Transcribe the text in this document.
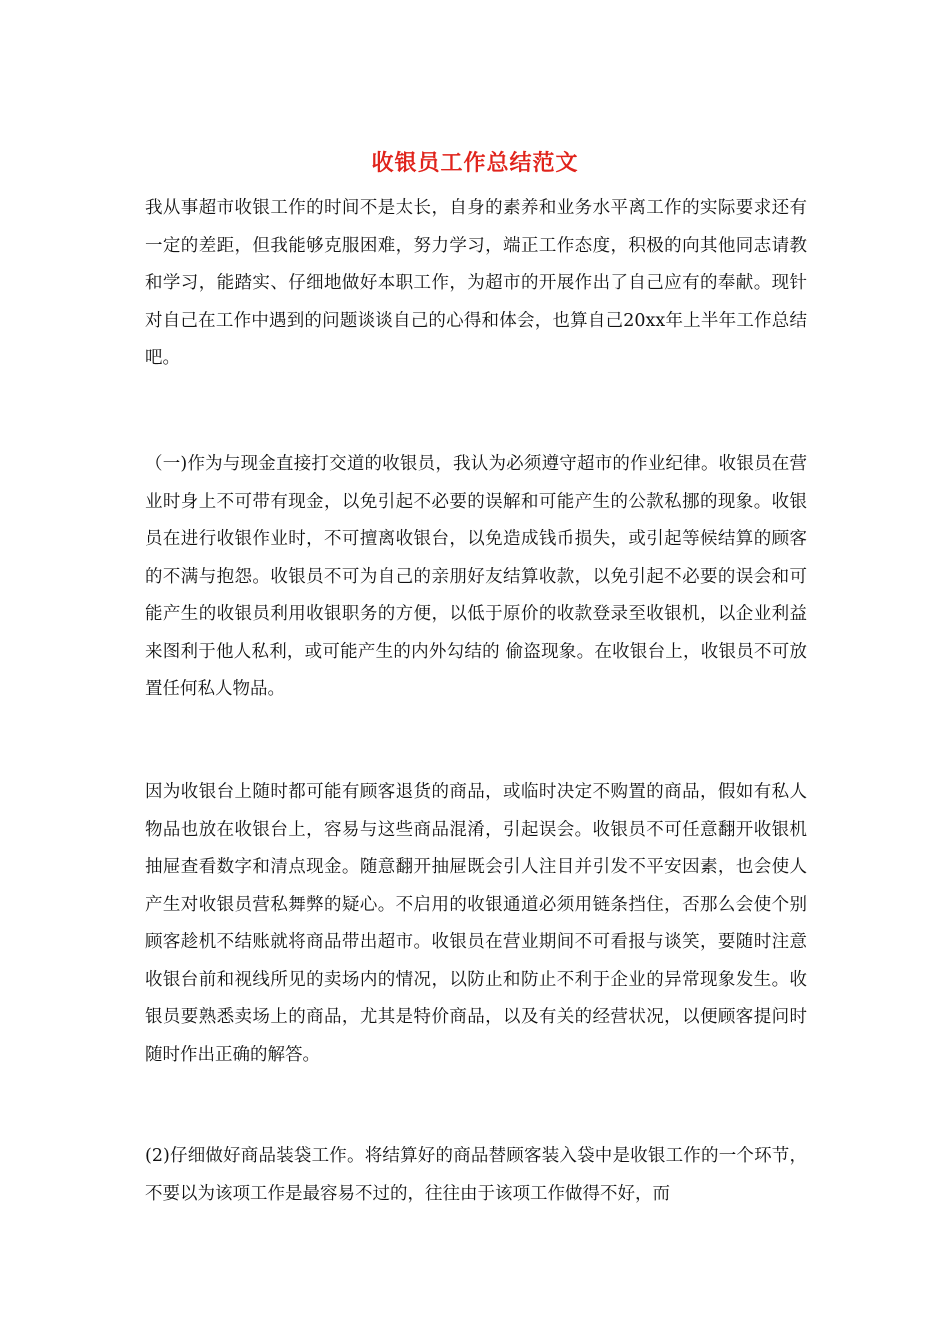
收银员工作总结范文

我从事超市收银工作的时间不是太长，自身的素养和业务水平离工作的实际要求还有一定的差距，但我能够克服困难，努力学习，端正工作态度，积极的向其他同志请教和学习，能踏实、仔细地做好本职工作，为超市的开展作出了自己应有的奉献。现针对自己在工作中遇到的问题谈谈自己的心得和体会，也算自己20xx年上半年工作总结吧。

（一)作为与现金直接打交道的收银员，我认为必须遵守超市的作业纪律。收银员在营业时身上不可带有现金，以免引起不必要的误解和可能产生的公款私挪的现象。收银员在进行收银作业时，不可擅离收银台，以免造成钱币损失，或引起等候结算的顾客的不满与抱怨。收银员不可为自己的亲朋好友结算收款，以免引起不必要的误会和可能产生的收银员利用收银职务的方便，以低于原价的收款登录至收银机，以企业利益来图利于他人私利，或可能产生的内外勾结的 偷盗现象。在收银台上，收银员不可放置任何私人物品。

因为收银台上随时都可能有顾客退货的商品，或临时决定不购置的商品，假如有私人物品也放在收银台上，容易与这些商品混淆，引起误会。收银员不可任意翻开收银机抽屉查看数字和清点现金。随意翻开抽屉既会引人注目并引发不平安因素，也会使人产生对收银员营私舞弊的疑心。不启用的收银通道必须用链条挡住，否那么会使个别顾客趁机不结账就将商品带出超市。收银员在营业期间不可看报与谈笑，要随时注意收银台前和视线所见的卖场内的情况，以防止和防止不利于企业的异常现象发生。收银员要熟悉卖场上的商品，尤其是特价商品，以及有关的经营状况，以便顾客提问时随时作出正确的解答。

(2)仔细做好商品装袋工作。将结算好的商品替顾客装入袋中是收银工作的一个环节，不要以为该项工作是最容易不过的，往往由于该项工作做得不好，而
